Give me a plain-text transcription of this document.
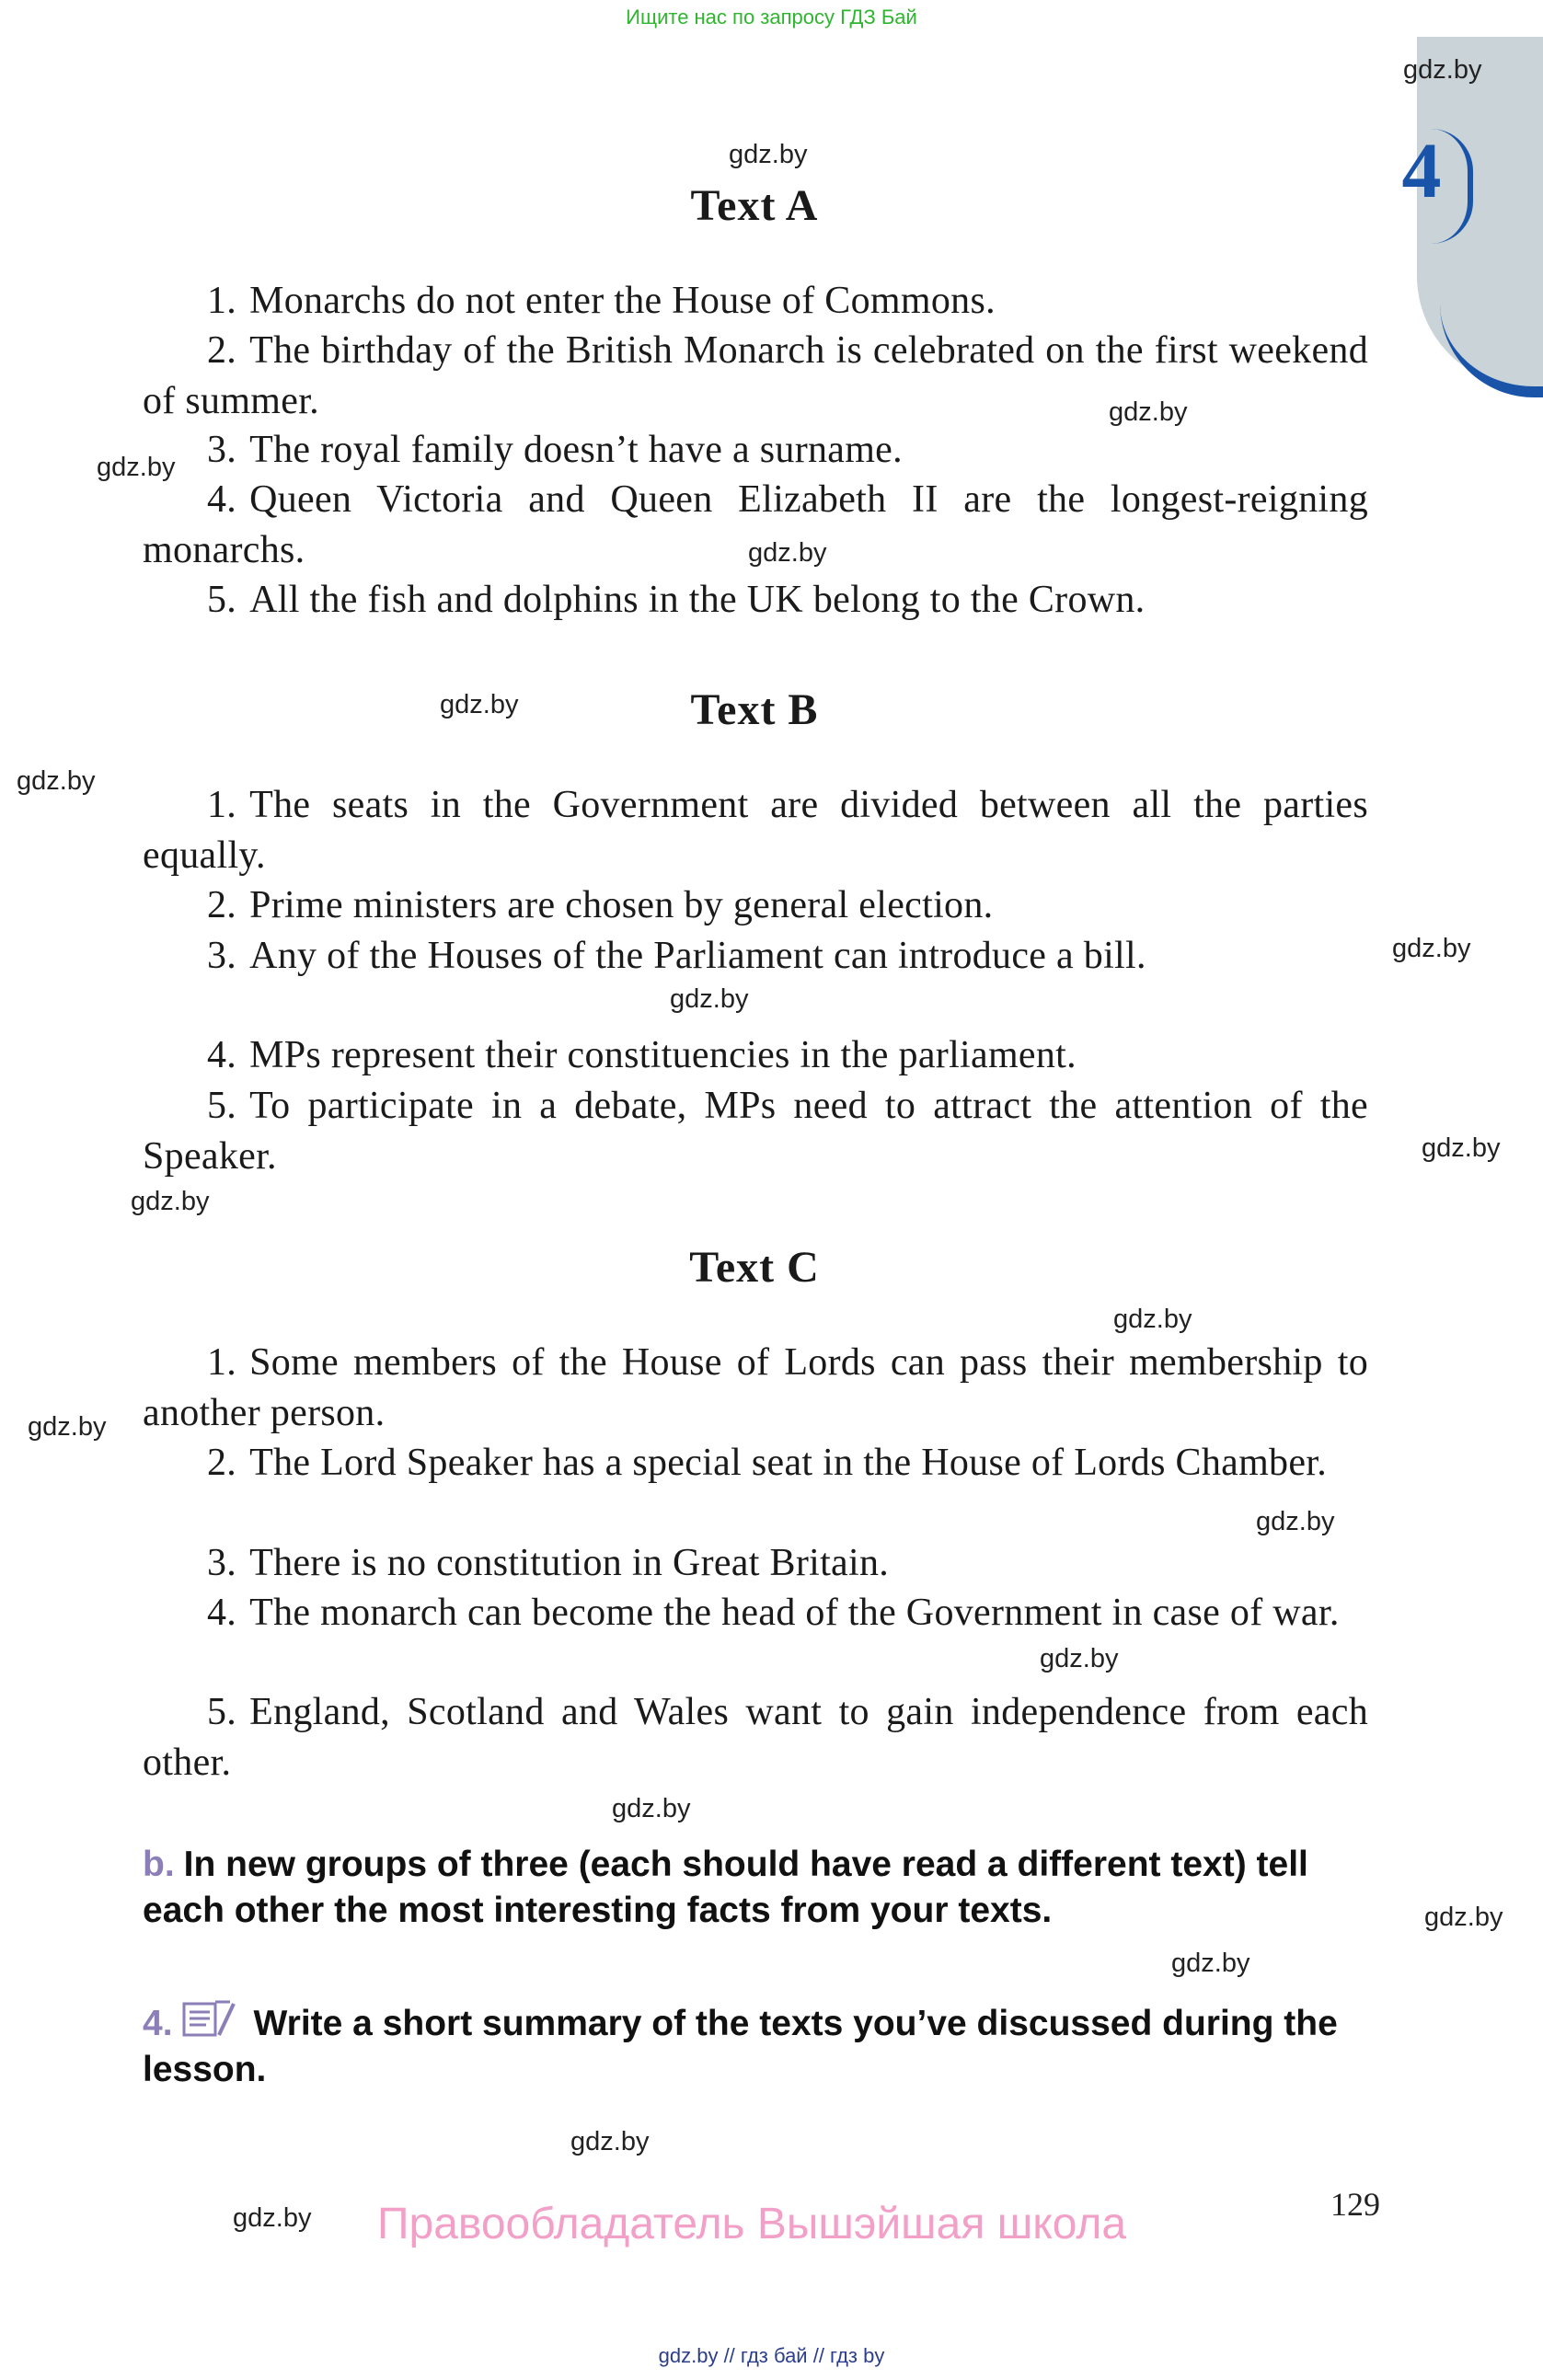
Ищите нас по запросу ГДЗ Бай
4
gdz.by
gdz.by
gdz.by
gdz.by
gdz.by
gdz.by
gdz.by
gdz.by
gdz.by
gdz.by
gdz.by
gdz.by
gdz.by
gdz.by
gdz.by
gdz.by
gdz.by
gdz.by
gdz.by
gdz.by
Text A
1. Monarchs do not enter the House of Commons.
2. The birthday of the British Monarch is celebrated on the first weekend of summer.
3. The royal family doesn’t have a surname.
4. Queen Victoria and Queen Elizabeth II are the longest-reigning monarchs.
5. All the fish and dolphins in the UK belong to the Crown.
Text B
1. The seats in the Government are divided between all the parties equally.
2. Prime ministers are chosen by general election.
3. Any of the Houses of the Parliament can introduce a bill.
4. MPs represent their constituencies in the parliament.
5. To participate in a debate, MPs need to attract the attention of the Speaker.
Text C
1. Some members of the House of Lords can pass their membership to another person.
2. The Lord Speaker has a special seat in the House of Lords Chamber.
3. There is no constitution in Great Britain.
4. The monarch can become the head of the Government in case of war.
5. England, Scotland and Wales want to gain independence from each other.
b. In new groups of three (each should have read a different text) tell each other the most interesting facts from your texts.
4. Write a short summary of the texts you’ve discussed during the lesson.
129
Правообладатель Вышэйшая школа
gdz.by // гдз бай // гдз by
